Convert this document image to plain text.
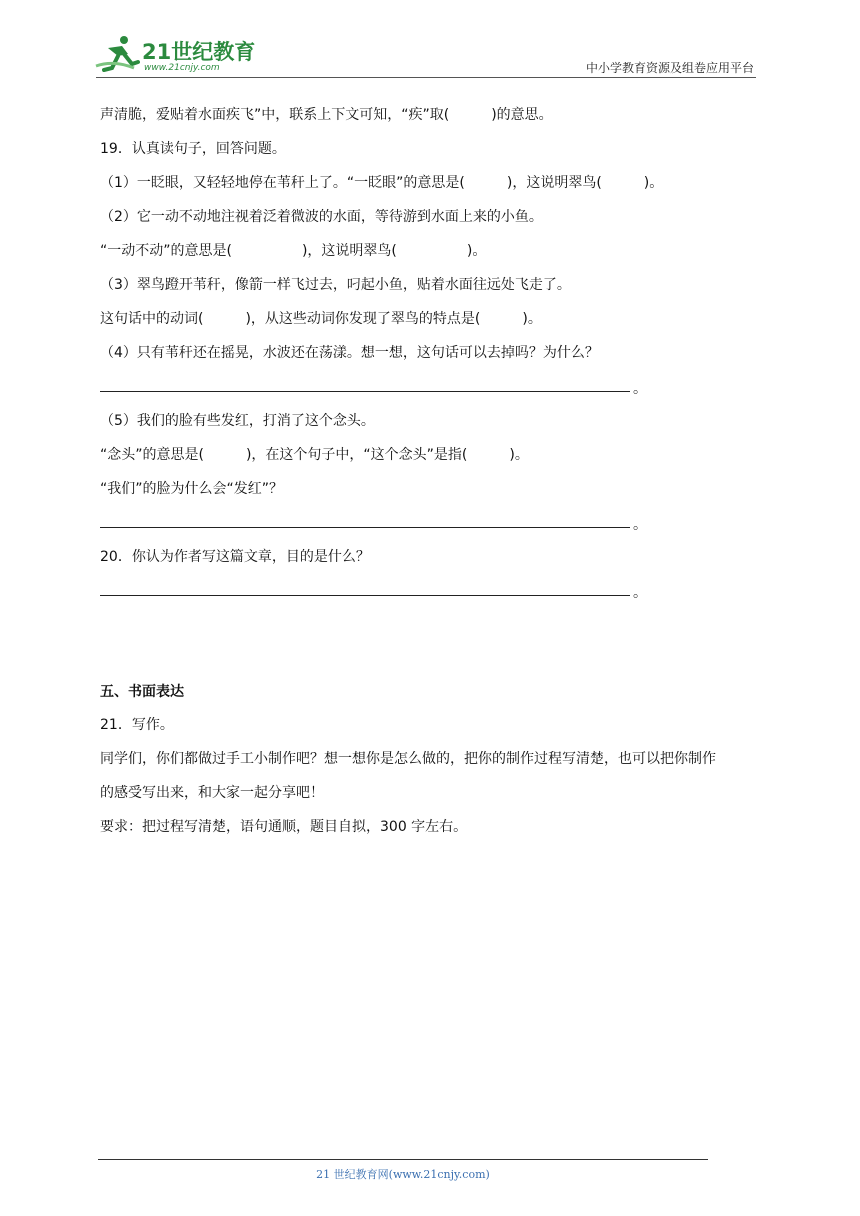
21世纪教育
www.21cnjy.com	中小学教育资源及组卷应用平台
声清脆，爱贴着水面疾飞”中，联系上下文可知，“疾”取(　　　)的意思。
19．认真读句子，回答问题。
（1）一眨眼，又轻轻地停在苇秆上了。“一眨眼”的意思是(　　　)，这说明翠鸟(　　　)。
（2）它一动不动地注视着泛着微波的水面，等待游到水面上来的小鱼。
“一动不动”的意思是(　　　　　)，这说明翠鸟(　　　　　)。
（3）翠鸟蹬开苇秆，像箭一样飞过去，叼起小鱼，贴着水面往远处飞走了。
这句话中的动词(　　　)，从这些动词你发现了翠鸟的特点是(　　　)。
（4）只有苇秆还在摇晃，水波还在荡漾。想一想，这句话可以去掉吗？为什么？
。
（5）我们的脸有些发红，打消了这个念头。
“念头”的意思是(　　　)，在这个句子中，“这个念头”是指(　　　)。
“我们”的脸为什么会“发红”？
。
20．你认为作者写这篇文章，目的是什么？
。
五、书面表达
21．写作。
同学们，你们都做过手工小制作吧？想一想你是怎么做的，把你的制作过程写清楚，也可以把你制作
的感受写出来，和大家一起分享吧！
要求：把过程写清楚，语句通顺，题目自拟，300 字左右。
21 世纪教育网(www.21cnjy.com)
